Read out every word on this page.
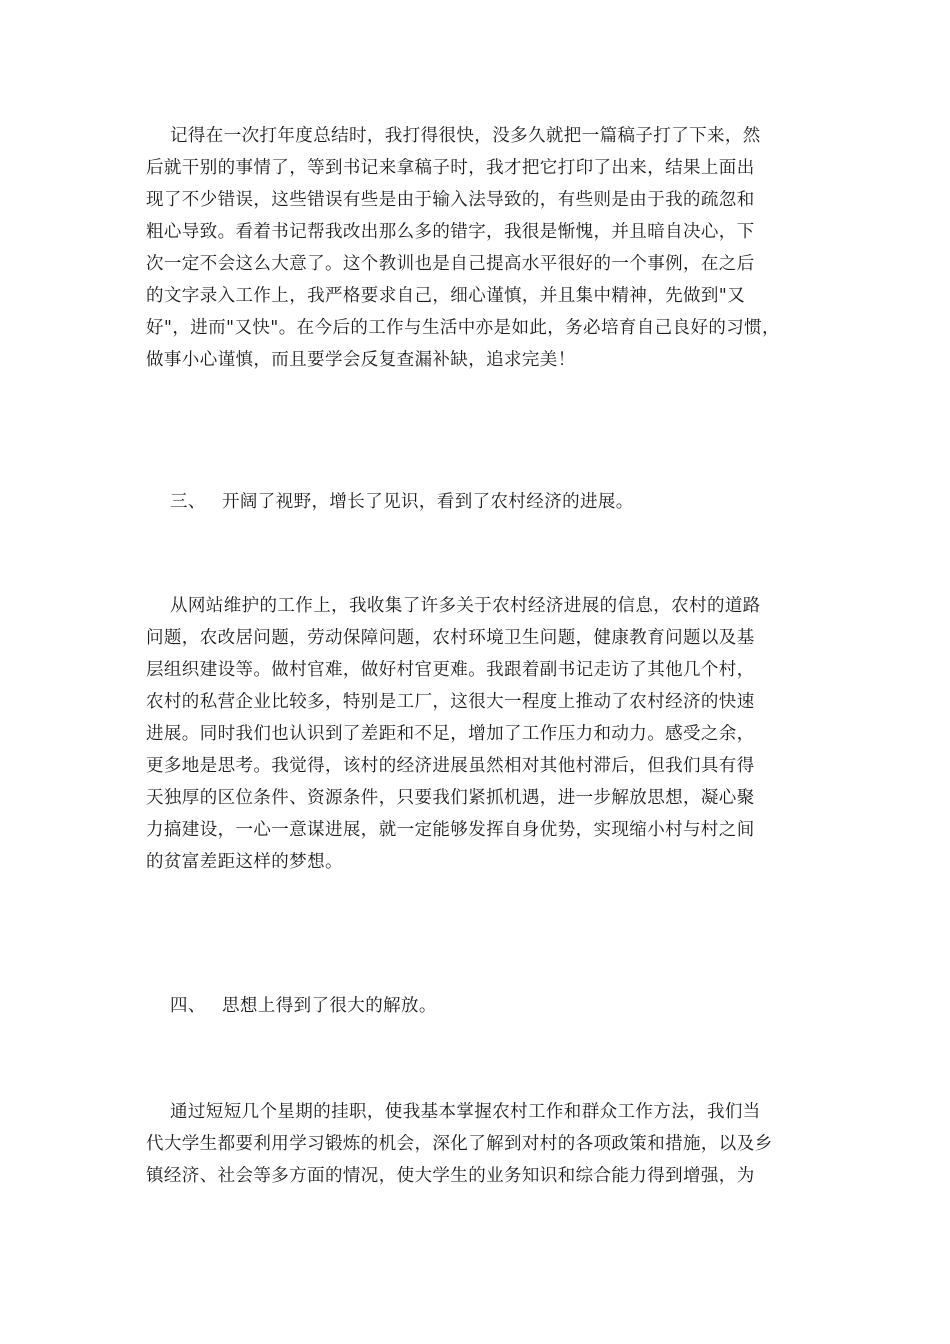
记得在一次打年度总结时，我打得很快，没多久就把一篇稿子打了下来，然
后就干别的事情了，等到书记来拿稿子时，我才把它打印了出来，结果上面出
现了不少错误，这些错误有些是由于输入法导致的，有些则是由于我的疏忽和
粗心导致。看着书记帮我改出那么多的错字，我很是惭愧，并且暗自决心，下
次一定不会这么大意了。这个教训也是自己提高水平很好的一个事例，在之后
的文字录入工作上，我严格要求自己，细心谨慎，并且集中精神，先做到"又
好"，进而"又快"。在今后的工作与生活中亦是如此，务必培育自己良好的习惯，
做事小心谨慎，而且要学会反复查漏补缺，追求完美！
三、 开阔了视野，增长了见识，看到了农村经济的进展。
从网站维护的工作上，我收集了许多关于农村经济进展的信息，农村的道路
问题，农改居问题，劳动保障问题，农村环境卫生问题，健康教育问题以及基
层组织建设等。做村官难，做好村官更难。我跟着副书记走访了其他几个村，
农村的私营企业比较多，特别是工厂，这很大一程度上推动了农村经济的快速
进展。同时我们也认识到了差距和不足，增加了工作压力和动力。感受之余，
更多地是思考。我觉得，该村的经济进展虽然相对其他村滞后，但我们具有得
天独厚的区位条件、资源条件，只要我们紧抓机遇，进一步解放思想，凝心聚
力搞建设，一心一意谋进展，就一定能够发挥自身优势，实现缩小村与村之间
的贫富差距这样的梦想。
四、 思想上得到了很大的解放。
通过短短几个星期的挂职，使我基本掌握农村工作和群众工作方法，我们当
代大学生都要利用学习锻炼的机会，深化了解到对村的各项政策和措施，以及乡
镇经济、社会等多方面的情况，使大学生的业务知识和综合能力得到增强，为
